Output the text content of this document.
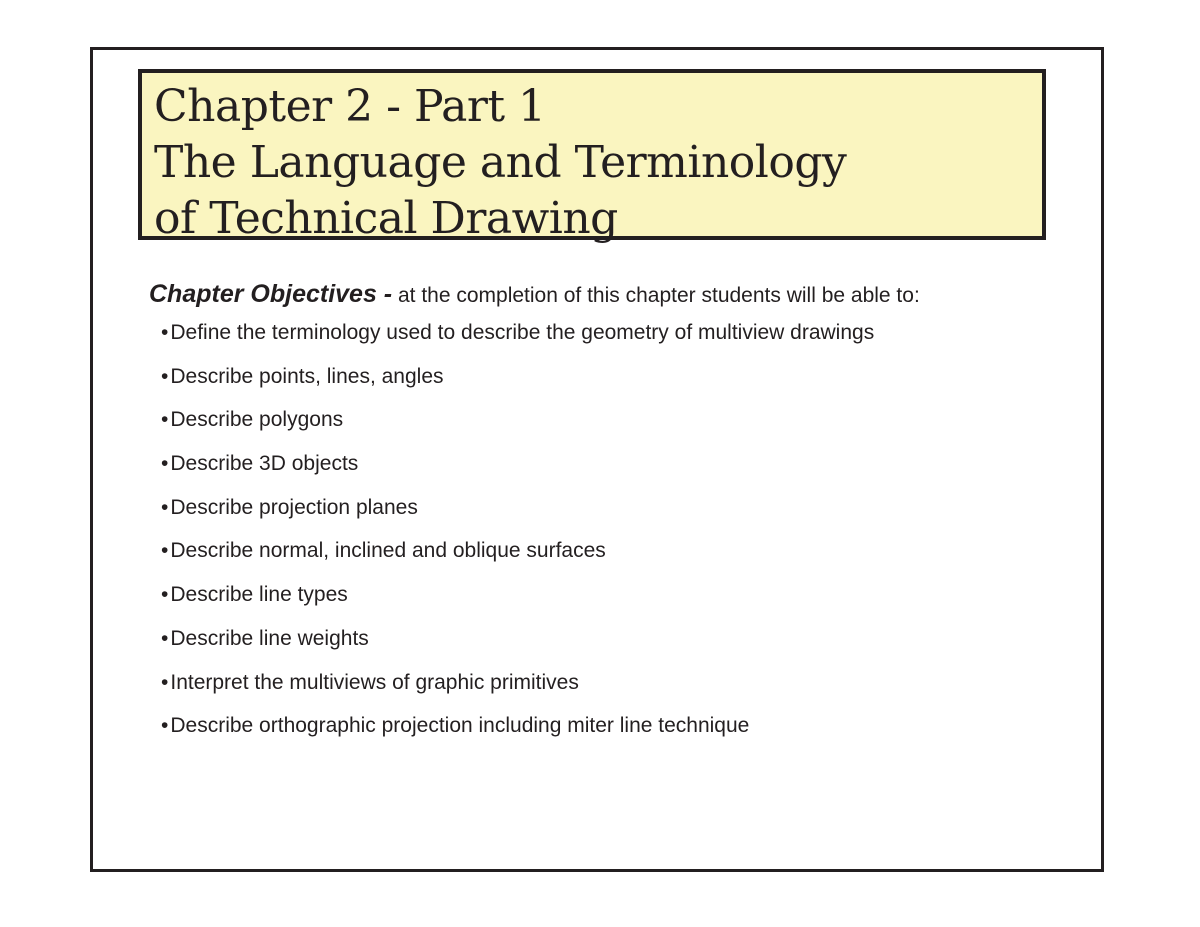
Chapter 2 - Part 1
The Language and Terminology
of Technical Drawing

Chapter Objectives - at the completion of this chapter students will be able to:

•Define the terminology used to describe the geometry of multiview drawings
•Describe points, lines, angles
•Describe polygons
•Describe 3D objects
•Describe projection planes
•Describe normal, inclined and oblique surfaces
•Describe line types
•Describe line weights
•Interpret the multiviews of graphic primitives
•Describe orthographic projection including miter line technique
